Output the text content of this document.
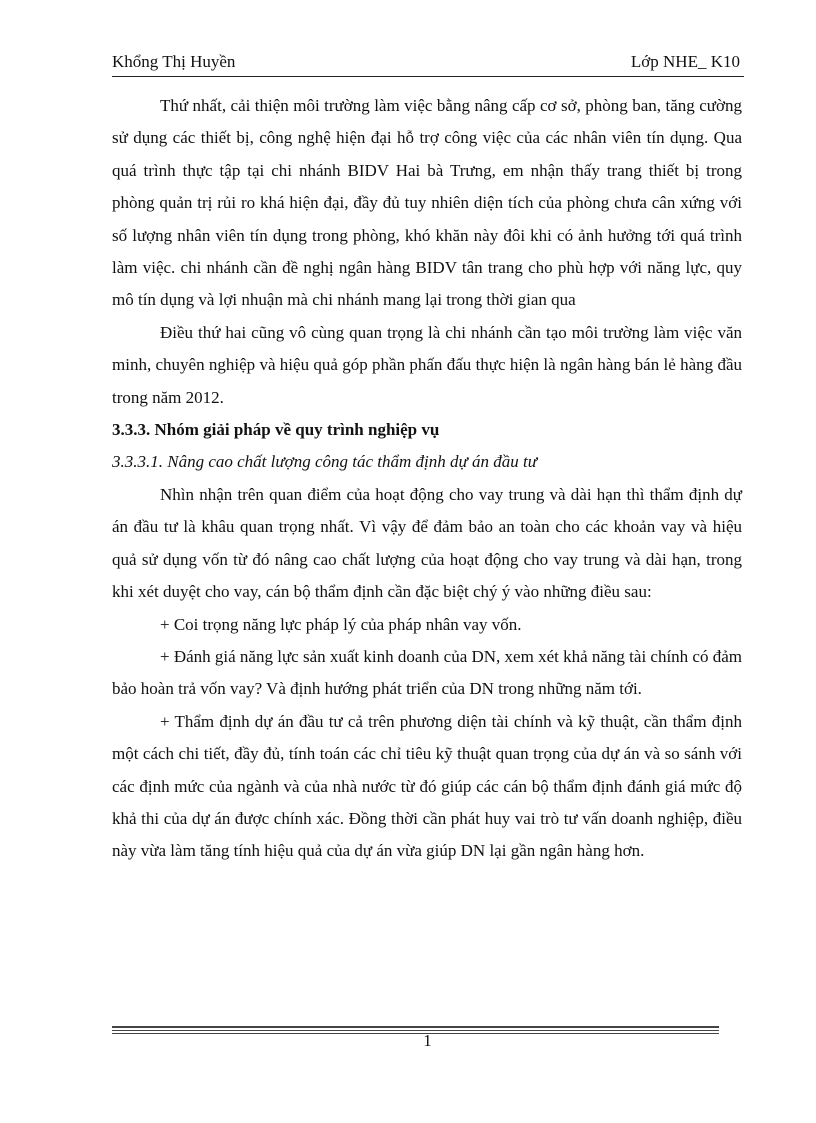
Khổng Thị Huyền	Lớp NHE_ K10

Thứ nhất, cải thiện môi trường làm việc bằng nâng cấp cơ sở, phòng ban, tăng cường sử dụng các thiết bị, công nghệ hiện đại hỗ trợ công việc của các nhân viên tín dụng. Qua quá trình thực tập tại chi nhánh BIDV Hai bà Trưng, em nhận thấy trang thiết bị trong phòng quản trị rủi ro khá hiện đại, đầy đủ tuy nhiên diện tích của phòng chưa cân xứng với số lượng nhân viên tín dụng trong phòng, khó khăn này đôi khi có ảnh hưởng tới quá trình làm việc. chi nhánh cần đề nghị ngân hàng BIDV tân trang cho phù hợp với năng lực, quy mô tín dụng và lợi nhuận mà chi nhánh mang lại trong thời gian qua

Điều thứ hai cũng vô cùng quan trọng là chi nhánh cần tạo môi trường làm việc văn minh, chuyên nghiệp và hiệu quả góp phần phấn đấu thực hiện là ngân hàng bán lẻ hàng đầu trong năm 2012.

3.3.3. Nhóm giải pháp về quy trình nghiệp vụ

3.3.3.1. Nâng cao chất lượng công tác thẩm định dự án đầu tư

Nhìn nhận trên quan điểm của hoạt động cho vay trung và dài hạn thì thẩm định dự án đầu tư là khâu quan trọng nhất. Vì vậy để đảm bảo an toàn cho các khoản vay và hiệu quả sử dụng vốn từ đó nâng cao chất lượng của hoạt động cho vay trung và dài hạn, trong khi xét duyệt cho vay, cán bộ thẩm định cần đặc biệt chý ý vào những điều sau:

+ Coi trọng năng lực pháp lý của pháp nhân vay vốn.

+ Đánh giá năng lực sản xuất kinh doanh của DN, xem xét khả năng tài chính có đảm bảo hoàn trả vốn vay? Và định hướng phát triển của DN trong những năm tới.

+ Thẩm định dự án đầu tư cả trên phương diện tài chính và kỹ thuật, cần thẩm định một cách chi tiết, đầy đủ, tính toán các chỉ tiêu kỹ thuật quan trọng của dự án và so sánh với các định mức của ngành và của nhà nước từ đó giúp các cán bộ thẩm định đánh giá mức độ khả thi của dự án được chính xác. Đồng thời cần phát huy vai trò tư vấn doanh nghiệp, điều này vừa làm tăng tính hiệu quả của dự án vừa giúp DN lại gần ngân hàng hơn.

1
